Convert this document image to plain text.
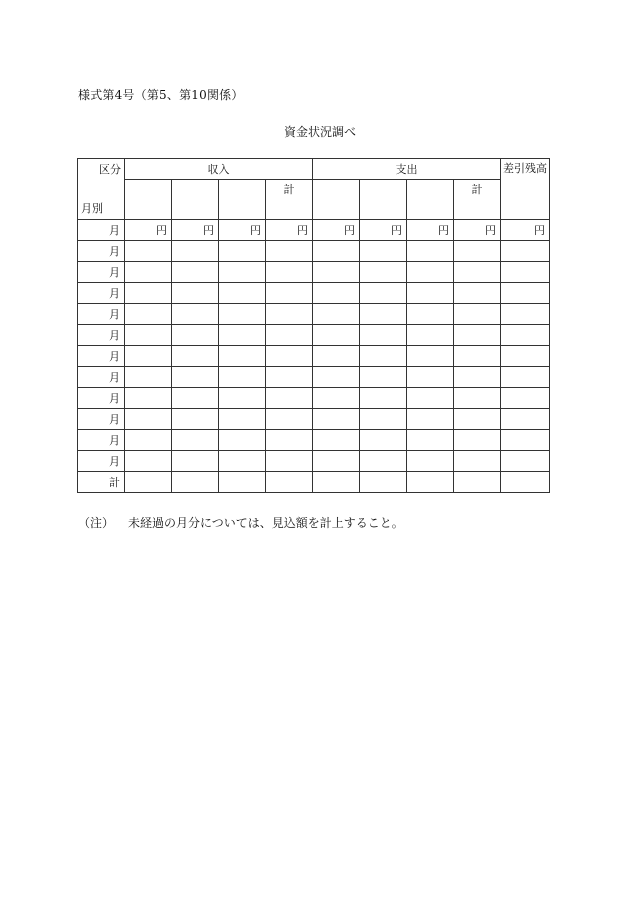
様式第4号（第5、第10関係）
資金状況調べ
区分
月別	収入				支出				差引残高

				計				計	

月	円	円	円	円	円	円	円	円	円
月									
月									
月									
月									
月									
月									
月									
月									
月									
月									
月									
計									
（注） 未経過の月分については、見込額を計上すること。
